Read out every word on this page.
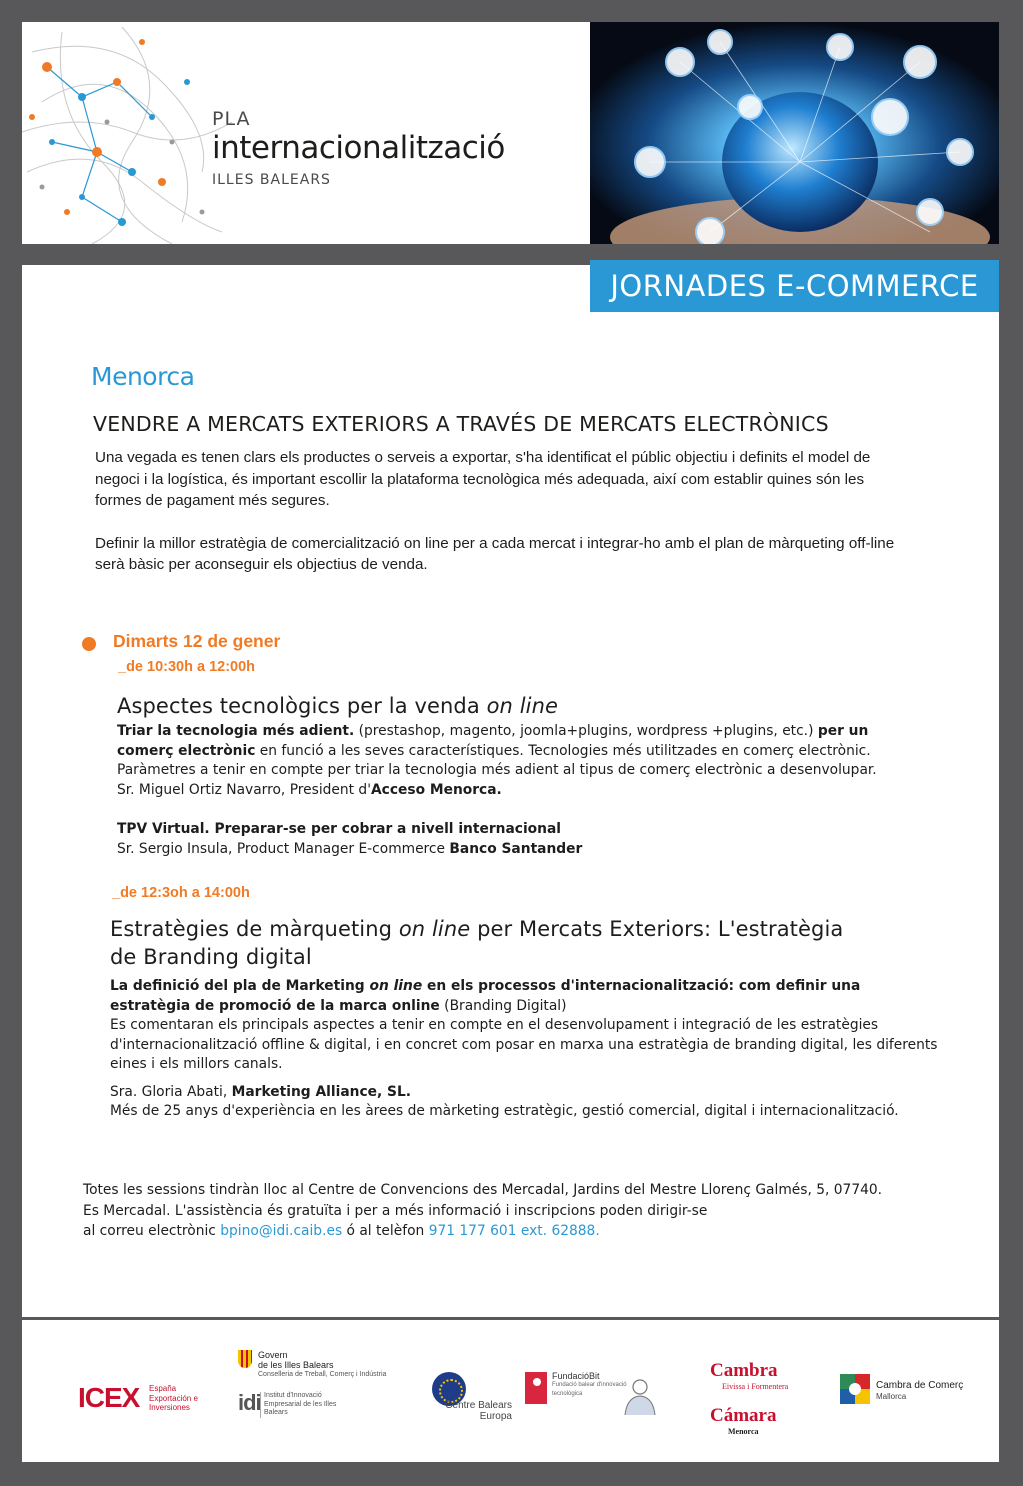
PLA
internacionalització
ILLES BALEARS
JORNADES E-COMMERCE
Menorca
VENDRE A MERCATS EXTERIORS A TRAVÉS DE MERCATS ELECTRÒNICS

Una vegada es tenen clars els productes o serveis a exportar, s'ha identificat el públic objectiu i definits el model de negoci i la logística, és important escollir la plataforma tecnològica més adequada, així com establir quines són les formes de pagament més segures.

Definir la millor estratègia de comercialització on line per a cada mercat i integrar-ho amb el plan de màrqueting off-line serà bàsic per aconseguir els objectius de venda.

Dimarts 12 de gener
_de 10:30h a 12:00h
Aspectes tecnològics per la venda on line
Triar la tecnologia més adient. (prestashop, magento, joomla+plugins, wordpress +plugins, etc.) per un comerç electrònic en funció a les seves característiques. Tecnologies més utilitzades en comerç electrònic. Paràmetres a tenir en compte per triar la tecnologia més adient al tipus de comerç electrònic a desenvolupar.
Sr. Miguel Ortiz Navarro, President d'Acceso Menorca.
TPV Virtual. Preparar-se per cobrar a nivell internacional
Sr. Sergio Insula, Product Manager E-commerce Banco Santander
_de 12:3oh a 14:00h
Estratègies de màrqueting on line per Mercats Exteriors: L'estratègia de Branding digital
La definició del pla de Marketing on line en els processos d'internacionalització: com definir una estratègia de promoció de la marca online (Branding Digital)
Es comentaran els principals aspectes a tenir en compte en el desenvolupament i integració de les estratègies d'internacionalització offline & digital, i en concret com posar en marxa una estratègia de branding digital, les diferents eines i els millors canals.
Sra. Gloria Abati, Marketing Alliance, SL.
Més de 25 anys d'experiència en les àrees de màrketing estratègic, gestió comercial, digital i internacionalització.
Totes les sessions tindràn lloc al Centre de Convencions des Mercadal, Jardins del Mestre Llorenç Galmés, 5, 07740.
Es Mercadal. L'assistència és gratuïta i per a més informació i inscripcions poden dirigir-se
al correu electrònic bpino@idi.caib.es ó al telèfon 971 177 601 ext. 62888.
ICEX España Exportación e Inversiones
Govern
de les Illes Balears
Conselleria de Treball, Comerç i Indústria
idi Institut d'Innovació Empresarial de les Illes Balears
Centre Balears Europa
FundacióBit
Fundació balear d'innovació tecnològica
Cambra
Eivissa i Formentera
Cámara
Menorca
Cambra de Comerç
Mallorca
